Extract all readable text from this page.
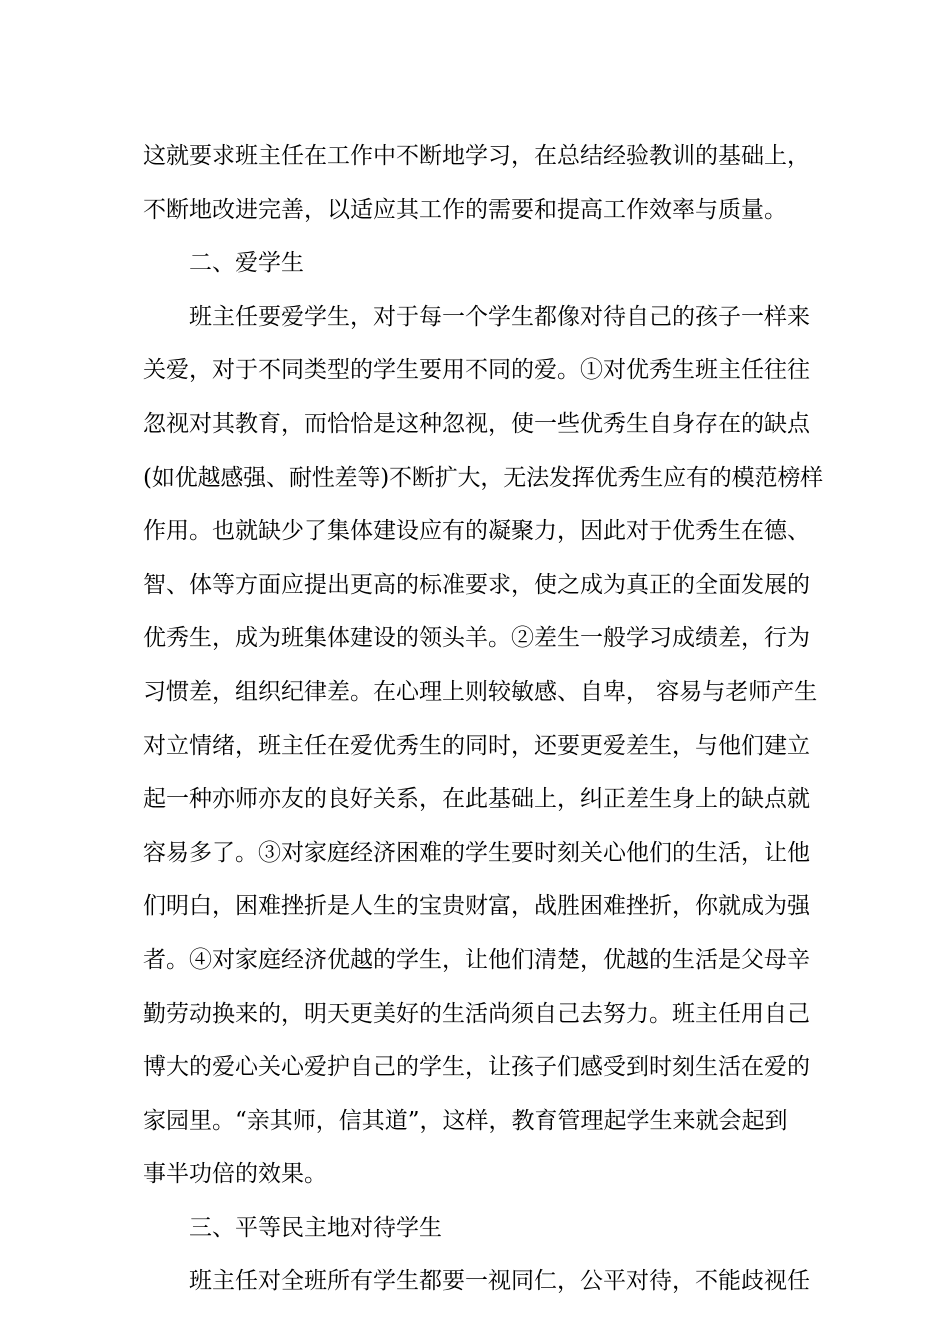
这就要求班主任在工作中不断地学习，在总结经验教训的基础上，
不断地改进完善，以适应其工作的需要和提高工作效率与质量。
二、爱学生
班主任要爱学生，对于每一个学生都像对待自己的孩子一样来
关爱，对于不同类型的学生要用不同的爱。①对优秀生班主任往往
忽视对其教育，而恰恰是这种忽视，使一些优秀生自身存在的缺点
(如优越感强、耐性差等)不断扩大，无法发挥优秀生应有的模范榜样
作用。也就缺少了集体建设应有的凝聚力，因此对于优秀生在德、
智、体等方面应提出更高的标准要求，使之成为真正的全面发展的
优秀生，成为班集体建设的领头羊。②差生一般学习成绩差，行为
习惯差，组织纪律差。在心理上则较敏感、自卑， 容易与老师产生
对立情绪，班主任在爱优秀生的同时，还要更爱差生，与他们建立
起一种亦师亦友的良好关系，在此基础上，纠正差生身上的缺点就
容易多了。③对家庭经济困难的学生要时刻关心他们的生活，让他
们明白，困难挫折是人生的宝贵财富，战胜困难挫折，你就成为强
者。④对家庭经济优越的学生，让他们清楚，优越的生活是父母辛
勤劳动换来的，明天更美好的生活尚须自己去努力。班主任用自己
博大的爱心关心爱护自己的学生，让孩子们感受到时刻生活在爱的
家园里。“亲其师，信其道”，这样，教育管理起学生来就会起到
事半功倍的效果。
三、平等民主地对待学生
班主任对全班所有学生都要一视同仁，公平对待，不能歧视任
